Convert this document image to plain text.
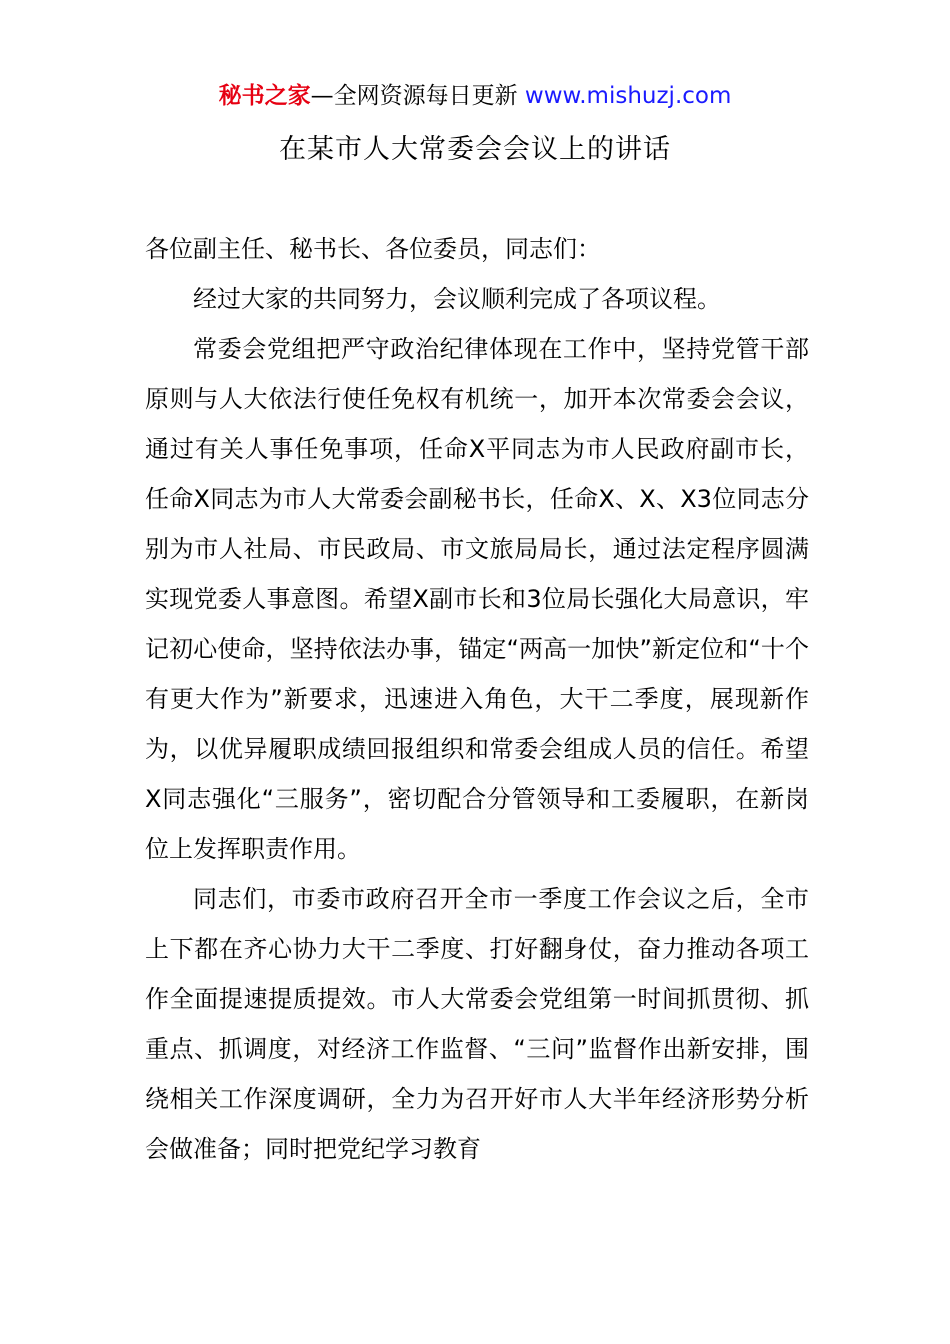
秘书之家—全网资源每日更新 www.mishuzj.com
在某市人大常委会会议上的讲话

各位副主任、秘书长、各位委员，同志们：

经过大家的共同努力，会议顺利完成了各项议程。

常委会党组把严守政治纪律体现在工作中，坚持党管干部原则与人大依法行使任免权有机统一，加开本次常委会会议，通过有关人事任免事项，任命X平同志为市人民政府副市长，任命X同志为市人大常委会副秘书长，任命X、X、X3位同志分别为市人社局、市民政局、市文旅局局长，通过法定程序圆满实现党委人事意图。希望X副市长和3位局长强化大局意识，牢记初心使命，坚持依法办事，锚定“两高一加快”新定位和“十个有更大作为”新要求，迅速进入角色，大干二季度，展现新作为，以优异履职成绩回报组织和常委会组成人员的信任。希望X同志强化“三服务”，密切配合分管领导和工委履职，在新岗位上发挥职责作用。

同志们，市委市政府召开全市一季度工作会议之后，全市上下都在齐心协力大干二季度、打好翻身仗，奋力推动各项工作全面提速提质提效。市人大常委会党组第一时间抓贯彻、抓重点、抓调度，对经济工作监督、“三问”监督作出新安排，围绕相关工作深度调研，全力为召开好市人大半年经济形势分析会做准备；同时把党纪学习教育
